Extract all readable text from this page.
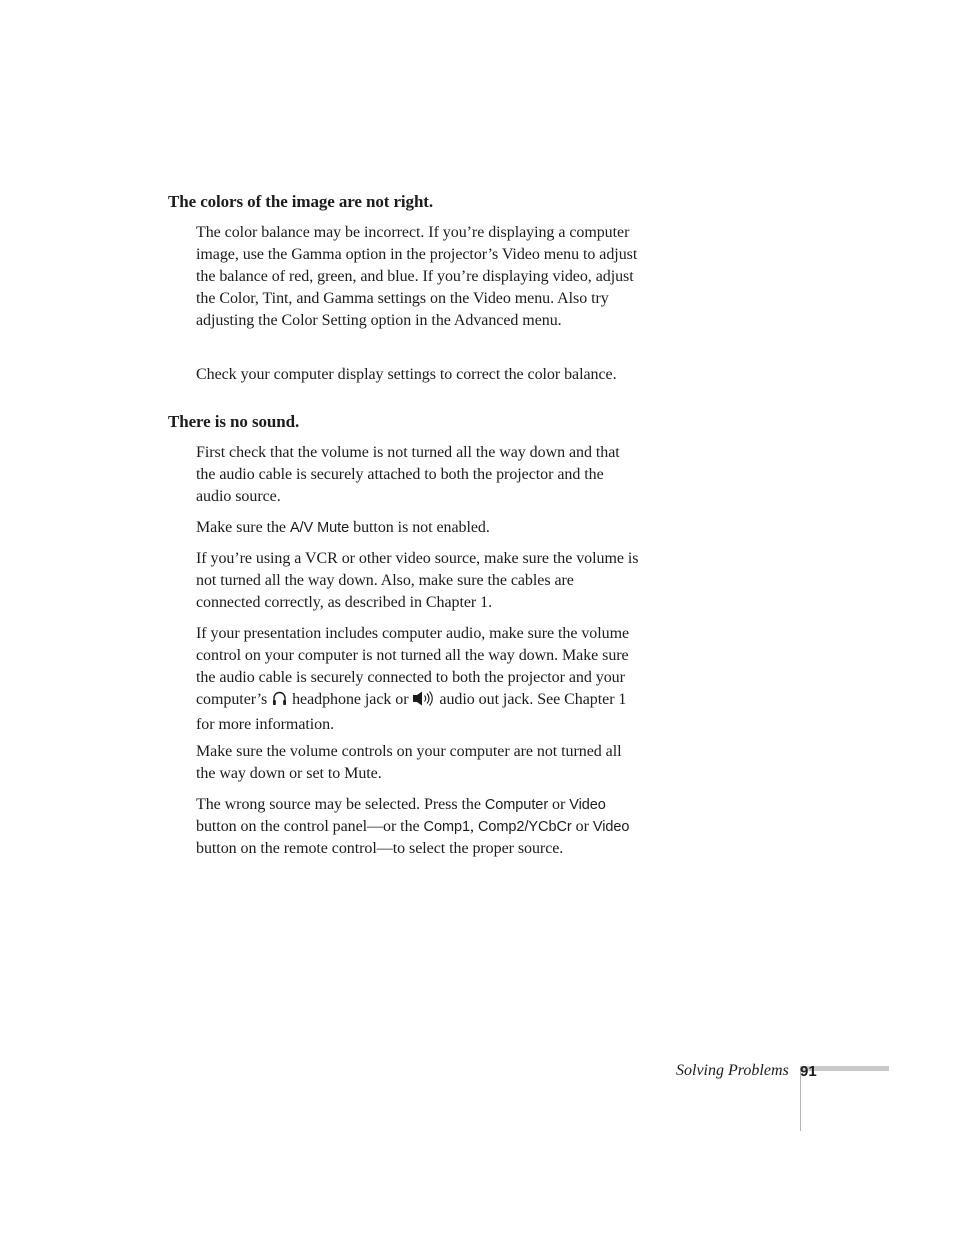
The colors of the image are not right.

The color balance may be incorrect. If you’re displaying a computer image, use the Gamma option in the projector’s Video menu to adjust the balance of red, green, and blue. If you’re displaying video, adjust the Color, Tint, and Gamma settings on the Video menu. Also try adjusting the Color Setting option in the Advanced menu.

Check your computer display settings to correct the color balance.

There is no sound.

First check that the volume is not turned all the way down and that the audio cable is securely attached to both the projector and the audio source.

Make sure the A/V Mute button is not enabled.

If you’re using a VCR or other video source, make sure the volume is not turned all the way down. Also, make sure the cables are connected correctly, as described in Chapter 1.

If your presentation includes computer audio, make sure the volume control on your computer is not turned all the way down. Make sure the audio cable is securely connected to both the projector and your computer’s  headphone jack or  audio out jack. See Chapter 1 for more information.

Make sure the volume controls on your computer are not turned all the way down or set to Mute.

The wrong source may be selected. Press the Computer or Video button on the control panel—or the Comp1, Comp2/YCbCr or Video button on the remote control—to select the proper source.

Solving Problems 91
